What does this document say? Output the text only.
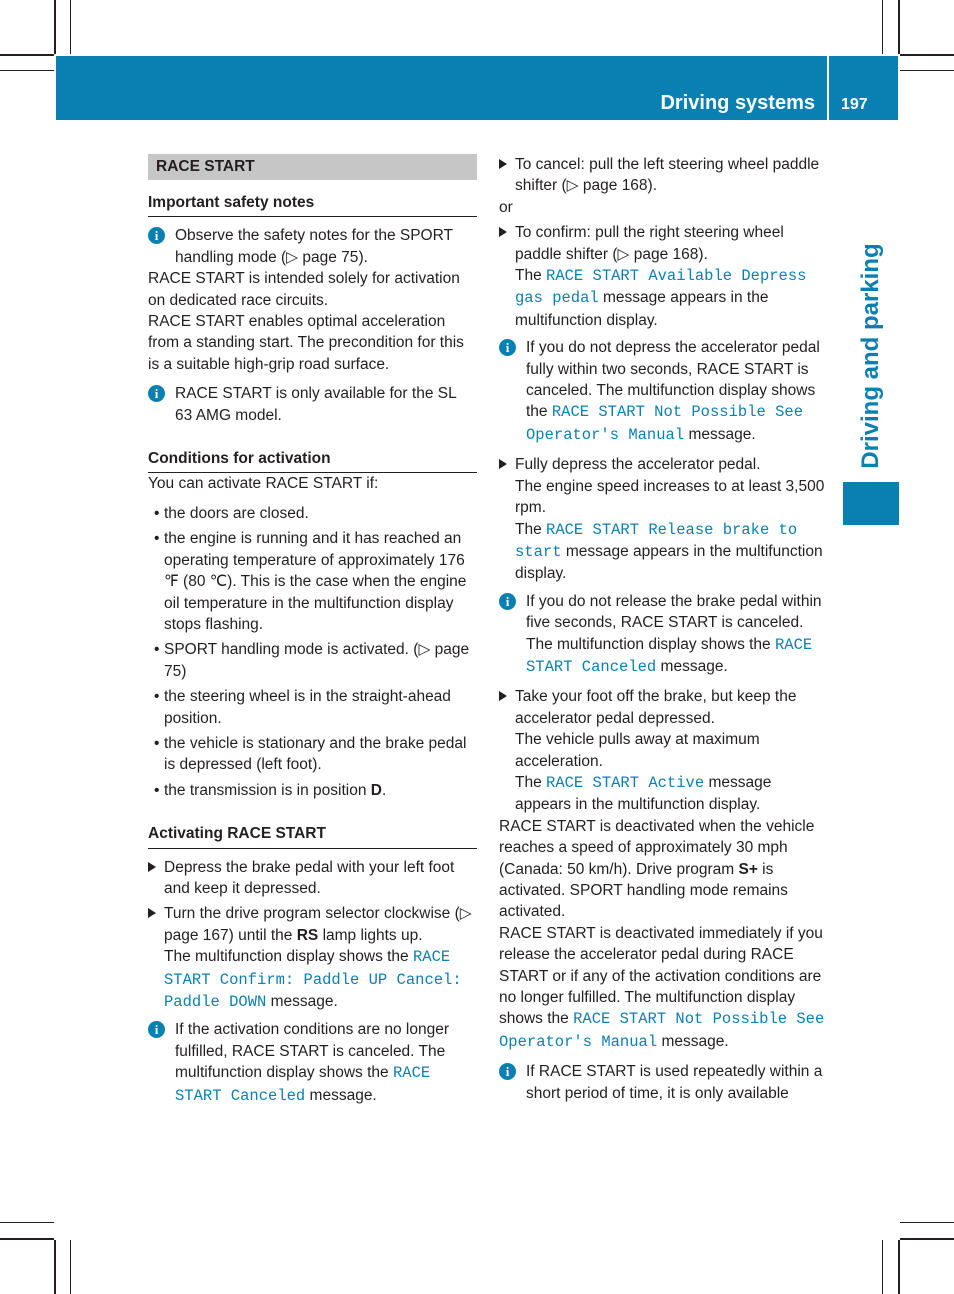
Driving systems 197
Driving and parking
RACE START
Important safety notes
i	Observe the safety notes for the SPORT handling mode (▷ page 75).

RACE START is intended solely for activation on dedicated race circuits.

RACE START enables optimal acceleration from a standing start. The precondition for this is a suitable high-grip road surface.

i	RACE START is only available for the SL 63 AMG model.

Conditions for activation

You can activate RACE START if:

• the doors are closed.

• the engine is running and it has reached an operating temperature of approximately 176 ℉ (80 ℃). This is the case when the engine oil temperature in the multifunction display stops flashing.

• SPORT handling mode is activated. (▷ page 75)

• the steering wheel is in the straight-ahead position.

• the vehicle is stationary and the brake pedal is depressed (left foot).

• the transmission is in position D.

Activating RACE START

Depress the brake pedal with your left foot and keep it depressed.

Turn the drive program selector clockwise (▷ page 167) until the RS lamp lights up.

The multifunction display shows the RACE START Confirm: Paddle UP Cancel: Paddle DOWN message.

i	If the activation conditions are no longer fulfilled, RACE START is canceled. The multifunction display shows the RACE START Canceled message.

To cancel: pull the left steering wheel paddle shifter (▷ page 168).

or

To confirm: pull the right steering wheel paddle shifter (▷ page 168).

The RACE START Available Depress gas pedal message appears in the multifunction display.

i	If you do not depress the accelerator pedal fully within two seconds, RACE START is canceled. The multifunction display shows the RACE START Not Possible See Operator's Manual message.

Fully depress the accelerator pedal.

The engine speed increases to at least 3,500 rpm.

The RACE START Release brake to start message appears in the multifunction display.

i	If you do not release the brake pedal within five seconds, RACE START is canceled. The multifunction display shows the RACE START Canceled message.

Take your foot off the brake, but keep the accelerator pedal depressed.

The vehicle pulls away at maximum acceleration.

The RACE START Active message appears in the multifunction display.

RACE START is deactivated when the vehicle reaches a speed of approximately 30 mph (Canada: 50 km/h). Drive program S+ is activated. SPORT handling mode remains activated.

RACE START is deactivated immediately if you release the accelerator pedal during RACE START or if any of the activation conditions are no longer fulfilled. The multifunction display shows the RACE START Not Possible See Operator's Manual message.

i	If RACE START is used repeatedly within a short period of time, it is only available
